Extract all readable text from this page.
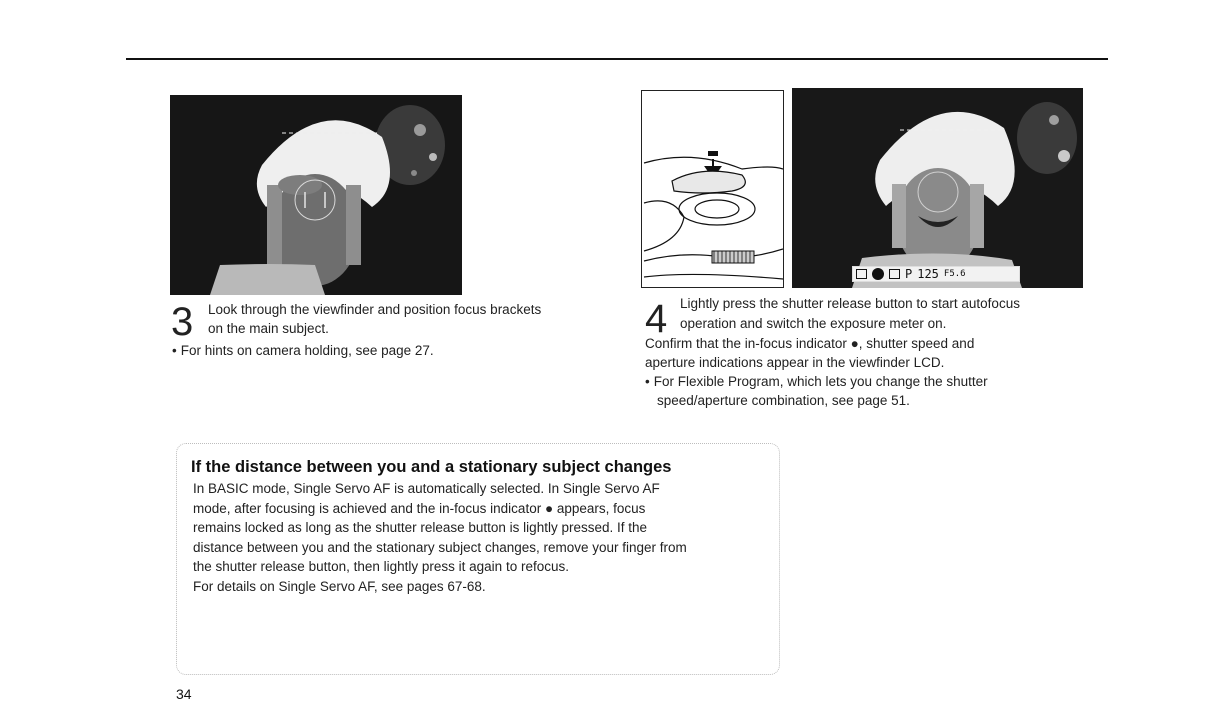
P 125 F5.6
3 Look through the viewfinder and position focus brackets

on the main subject.

• For hints on camera holding, see page 27.

4 Lightly press the shutter release button to start autofocus

operation and switch the exposure meter on.

Confirm that the in-focus indicator ●, shutter speed and

aperture indications appear in the viewfinder LCD.

• For Flexible Program, which lets you change the shutter

speed/aperture combination, see page 51.

If the distance between you and a stationary subject changes
In BASIC mode, Single Servo AF is automatically selected. In Single Servo AF
mode, after focusing is achieved and the in-focus indicator ● appears, focus
remains locked as long as the shutter release button is lightly pressed. If the
distance between you and the stationary subject changes, remove your finger from
the shutter release button, then lightly press it again to refocus.
For details on Single Servo AF, see pages 67-68.
34
